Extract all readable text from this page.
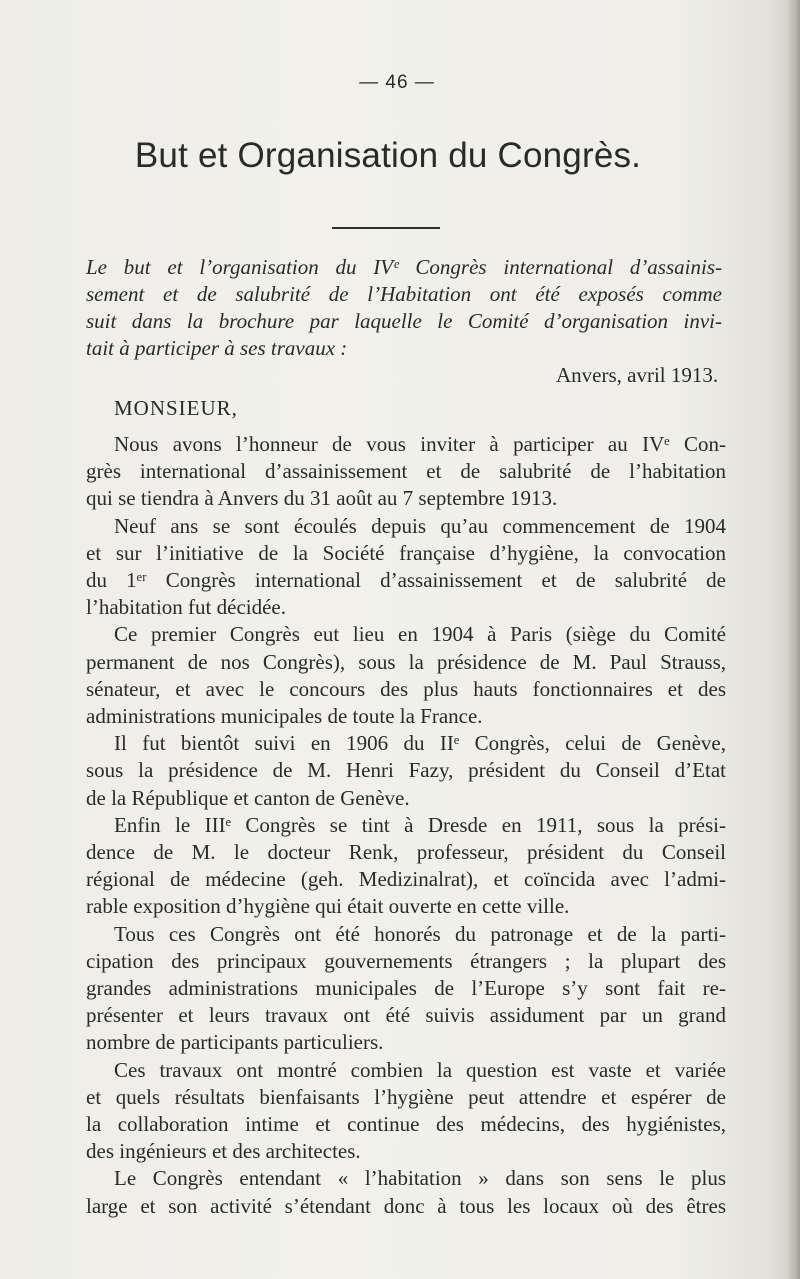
— 46 —
But et Organisation du Congrès.
Le but et l’organisation du IVᵉ Congrès international d’assainis-
sement et de salubrité de l’Habitation ont été exposés comme
suit dans la brochure par laquelle le Comité d’organisation invi-
tait à participer à ses travaux :
Anvers, avril 1913.
MONSIEUR,
Nous avons l’honneur de vous inviter à participer au IVᵉ Con-
grès international d’assainissement et de salubrité de l’habitation
qui se tiendra à Anvers du 31 août au 7 septembre 1913.
Neuf ans se sont écoulés depuis qu’au commencement de 1904
et sur l’initiative de la Société française d’hygiène, la convocation
du 1ᵉʳ Congrès international d’assainissement et de salubrité de
l’habitation fut décidée.
Ce premier Congrès eut lieu en 1904 à Paris (siège du Comité
permanent de nos Congrès), sous la présidence de M. Paul Strauss,
sénateur, et avec le concours des plus hauts fonctionnaires et des
administrations municipales de toute la France.
Il fut bientôt suivi en 1906 du IIᵉ Congrès, celui de Genève,
sous la présidence de M. Henri Fazy, président du Conseil d’Etat
de la République et canton de Genève.
Enfin le IIIᵉ Congrès se tint à Dresde en 1911, sous la prési-
dence de M. le docteur Renk, professeur, président du Conseil
régional de médecine (geh. Medizinalrat), et coïncida avec l’admi-
rable exposition d’hygiène qui était ouverte en cette ville.
Tous ces Congrès ont été honorés du patronage et de la parti-
cipation des principaux gouvernements étrangers ; la plupart des
grandes administrations municipales de l’Europe s’y sont fait re-
présenter et leurs travaux ont été suivis assidument par un grand
nombre de participants particuliers.
Ces travaux ont montré combien la question est vaste et variée
et quels résultats bienfaisants l’hygiène peut attendre et espérer de
la collaboration intime et continue des médecins, des hygiénistes,
des ingénieurs et des architectes.
Le Congrès entendant « l’habitation » dans son sens le plus
large et son activité s’étendant donc à tous les locaux où des êtres
